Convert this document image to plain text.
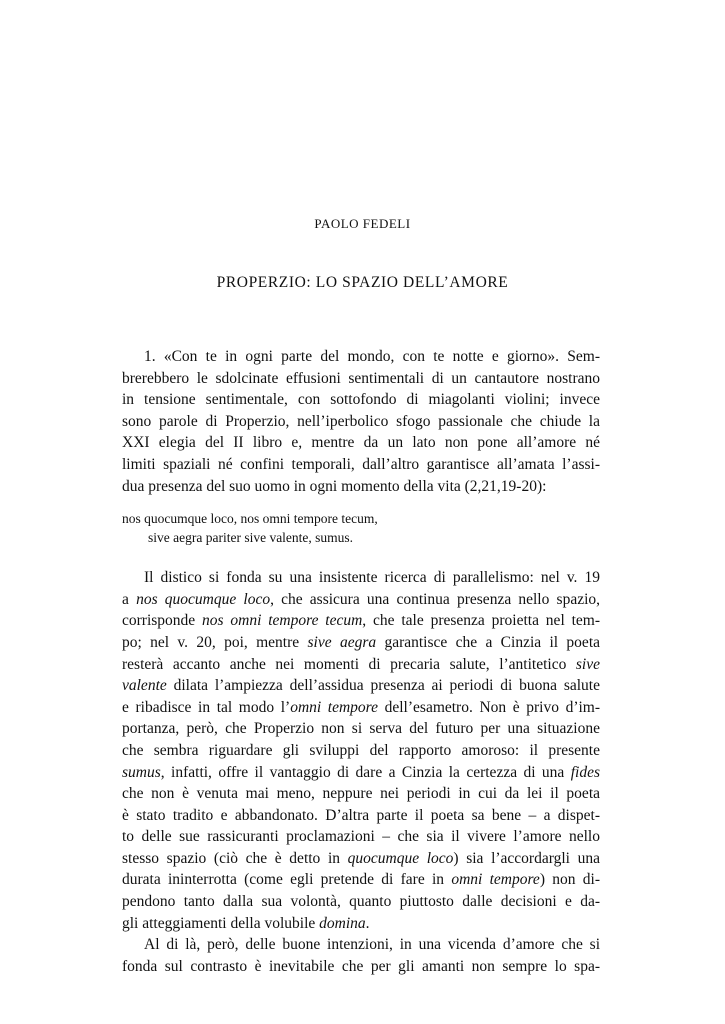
PAOLO FEDELI
PROPERZIO: LO SPAZIO DELL’AMORE
1. «Con te in ogni parte del mondo, con te notte e giorno». Sem-
brerebbero le sdolcinate effusioni sentimentali di un cantautore nostrano
in tensione sentimentale, con sottofondo di miagolanti violini; invece
sono parole di Properzio, nell’iperbolico sfogo passionale che chiude la
XXI elegia del II libro e, mentre da un lato non pone all’amore né
limiti spaziali né confini temporali, dall’altro garantisce all’amata l’assi-
dua presenza del suo uomo in ogni momento della vita (2,21,19-20):
nos quocumque loco, nos omni tempore tecum,
sive aegra pariter sive valente, sumus.
Il distico si fonda su una insistente ricerca di parallelismo: nel v. 19
a nos quocumque loco, che assicura una continua presenza nello spazio,
corrisponde nos omni tempore tecum, che tale presenza proietta nel tem-
po; nel v. 20, poi, mentre sive aegra garantisce che a Cinzia il poeta
resterà accanto anche nei momenti di precaria salute, l’antitetico sive
valente dilata l’ampiezza dell’assidua presenza ai periodi di buona salute
e ribadisce in tal modo l’omni tempore dell’esametro. Non è privo d’im-
portanza, però, che Properzio non si serva del futuro per una situazione
che sembra riguardare gli sviluppi del rapporto amoroso: il presente
sumus, infatti, offre il vantaggio di dare a Cinzia la certezza di una fides
che non è venuta mai meno, neppure nei periodi in cui da lei il poeta
è stato tradito e abbandonato. D’altra parte il poeta sa bene – a dispet-
to delle sue rassicuranti proclamazioni – che sia il vivere l’amore nello
stesso spazio (ciò che è detto in quocumque loco) sia l’accordargli una
durata ininterrotta (come egli pretende di fare in omni tempore) non di-
pendono tanto dalla sua volontà, quanto piuttosto dalle decisioni e da-
gli atteggiamenti della volubile domina.
Al di là, però, delle buone intenzioni, in una vicenda d’amore che si
fonda sul contrasto è inevitabile che per gli amanti non sempre lo spa-
